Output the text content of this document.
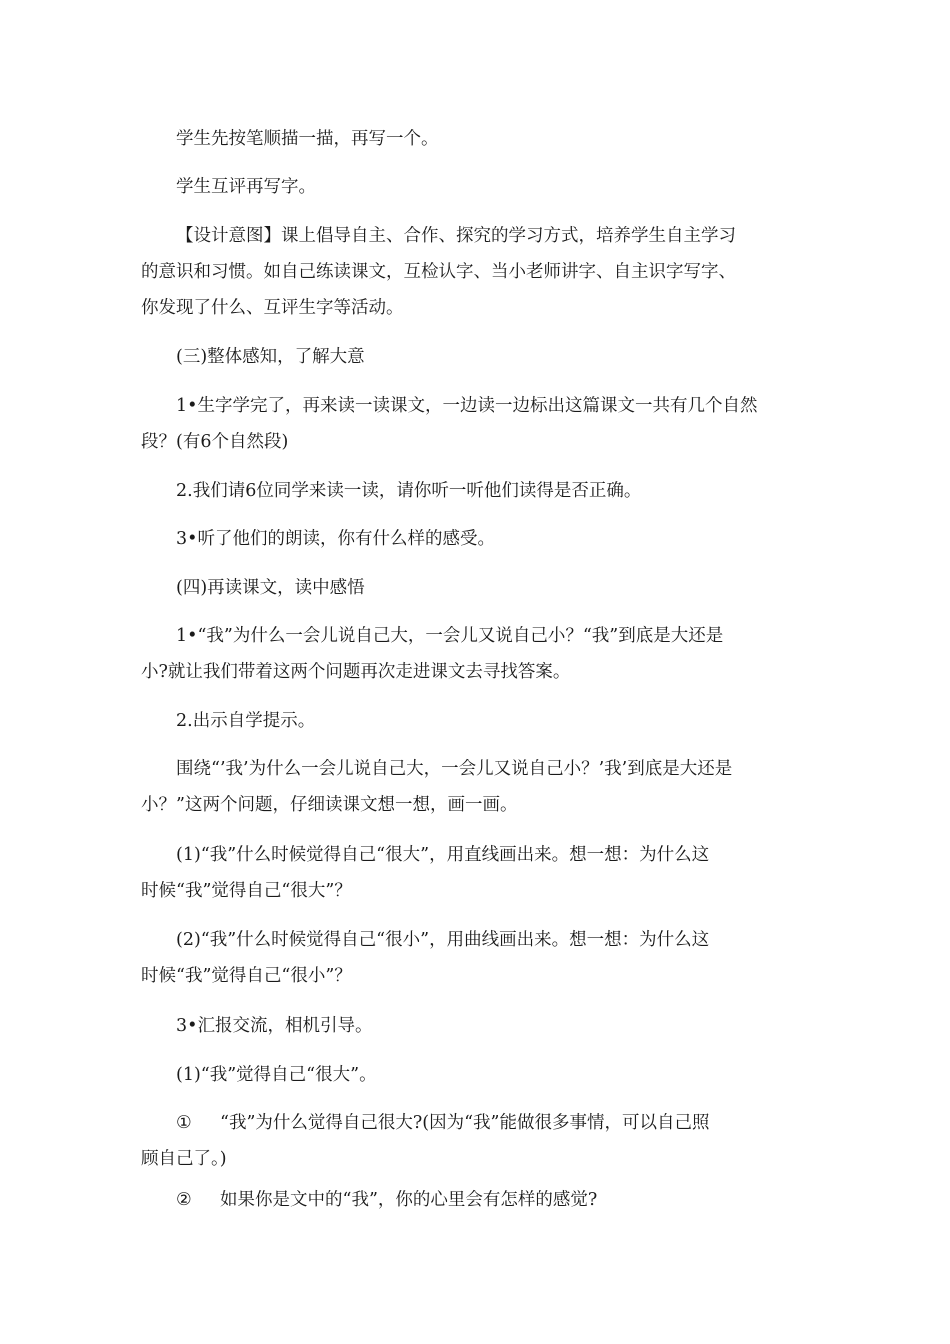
学生先按笔顺描一描，再写一个。
学生互评再写字。
【设计意图】课上倡导自主、合作、探究的学习方式，培养学生自主学习
的意识和习惯。如自己练读课文，互检认字、当小老师讲字、自主识字写字、
你发现了什么、互评生字等活动。
(三)整体感知，了解大意
1•生字学完了，再来读一读课文，一边读一边标出这篇课文一共有几个自然
段？(有6个自然段)
2.我们请6位同学来读一读，请你听一听他们读得是否正确。
3•听了他们的朗读，你有什么样的感受。
(四)再读课文，读中感悟
1•“我”为什么一会儿说自己大，一会儿又说自己小？“我”到底是大还是
小?就让我们带着这两个问题再次走进课文去寻找答案。
2.出示自学提示。
围绕“’我’为什么一会儿说自己大，一会儿又说自己小？’我’到底是大还是
小？”这两个问题，仔细读课文想一想，画一画。
(1)“我”什么时候觉得自己“很大”，用直线画出来。想一想：为什么这
时候“我”觉得自己“很大”？
(2)“我”什么时候觉得自己“很小”，用曲线画出来。想一想：为什么这
时候“我”觉得自己“很小”？
3•汇报交流，相机引导。
(1)“我”觉得自己“很大”。
① “我”为什么觉得自己很大?(因为“我”能做很多事情，可以自己照
顾自己了。)
② 如果你是文中的“我”，你的心里会有怎样的感觉?
